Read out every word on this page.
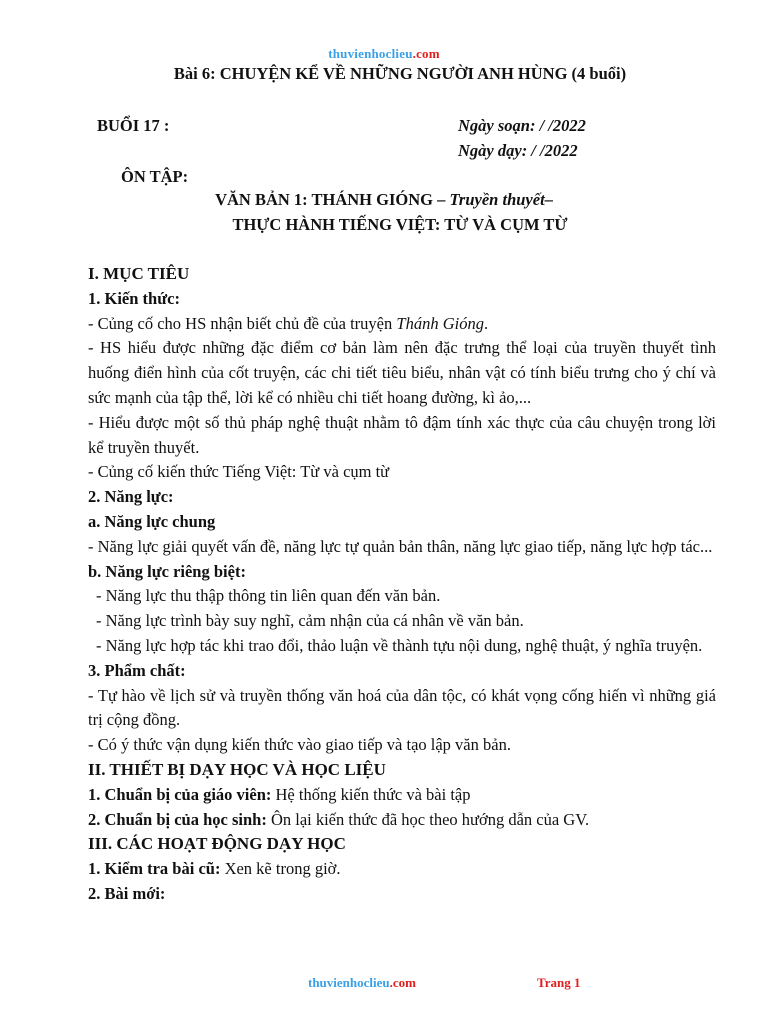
thuvienhoclieu.com
Bài 6: CHUYỆN KỂ VỀ NHỮNG NGƯỜI ANH HÙNG (4 buổi)
BUỔI 17 :	Ngày soạn: / /2022
Ngày dạy: / /2022
ÔN TẬP:
VĂN BẢN 1: THÁNH GIÓNG – Truyền thuyết–
THỰC HÀNH TIẾNG VIỆT: TỪ VÀ CỤM TỪ

I. MỤC TIÊU

1. Kiến thức:

- Củng cố cho HS nhận biết chủ đề của truyện Thánh Gióng.

- HS hiểu được những đặc điểm cơ bản làm nên đặc trưng thể loại của truyền thuyết tình huống điển hình của cốt truyện, các chi tiết tiêu biểu, nhân vật có tính biểu trưng cho ý chí và sức mạnh của tập thể, lời kể có nhiều chi tiết hoang đường, kì ảo,...

- Hiểu được một số thủ pháp nghệ thuật nhằm tô đậm tính xác thực của câu chuyện trong lời kể truyền thuyết.

- Củng cố kiến thức Tiếng Việt: Từ và cụm từ

2. Năng lực:

a. Năng lực chung

- Năng lực giải quyết vấn đề, năng lực tự quản bản thân, năng lực giao tiếp, năng lực hợp tác...

b. Năng lực riêng biệt:

- Năng lực thu thập thông tin liên quan đến văn bản.

- Năng lực trình bày suy nghĩ, cảm nhận của cá nhân về văn bản.

- Năng lực hợp tác khi trao đổi, thảo luận về thành tựu nội dung, nghệ thuật, ý nghĩa truyện.

3. Phẩm chất:

- Tự hào về lịch sử và truyền thống văn hoá của dân tộc, có khát vọng cống hiến vì những giá trị cộng đồng.

- Có ý thức vận dụng kiến thức vào giao tiếp và tạo lập văn bản.

II. THIẾT BỊ DẠY HỌC VÀ HỌC LIỆU

1. Chuẩn bị của giáo viên: Hệ thống kiến thức và bài tập

2. Chuẩn bị của học sinh: Ôn lại kiến thức đã học theo hướng dẫn của GV.

III. CÁC HOẠT ĐỘNG DẠY HỌC

1. Kiểm tra bài cũ: Xen kẽ trong giờ.

2. Bài mới:

thuvienhoclieu.com	Trang 1
